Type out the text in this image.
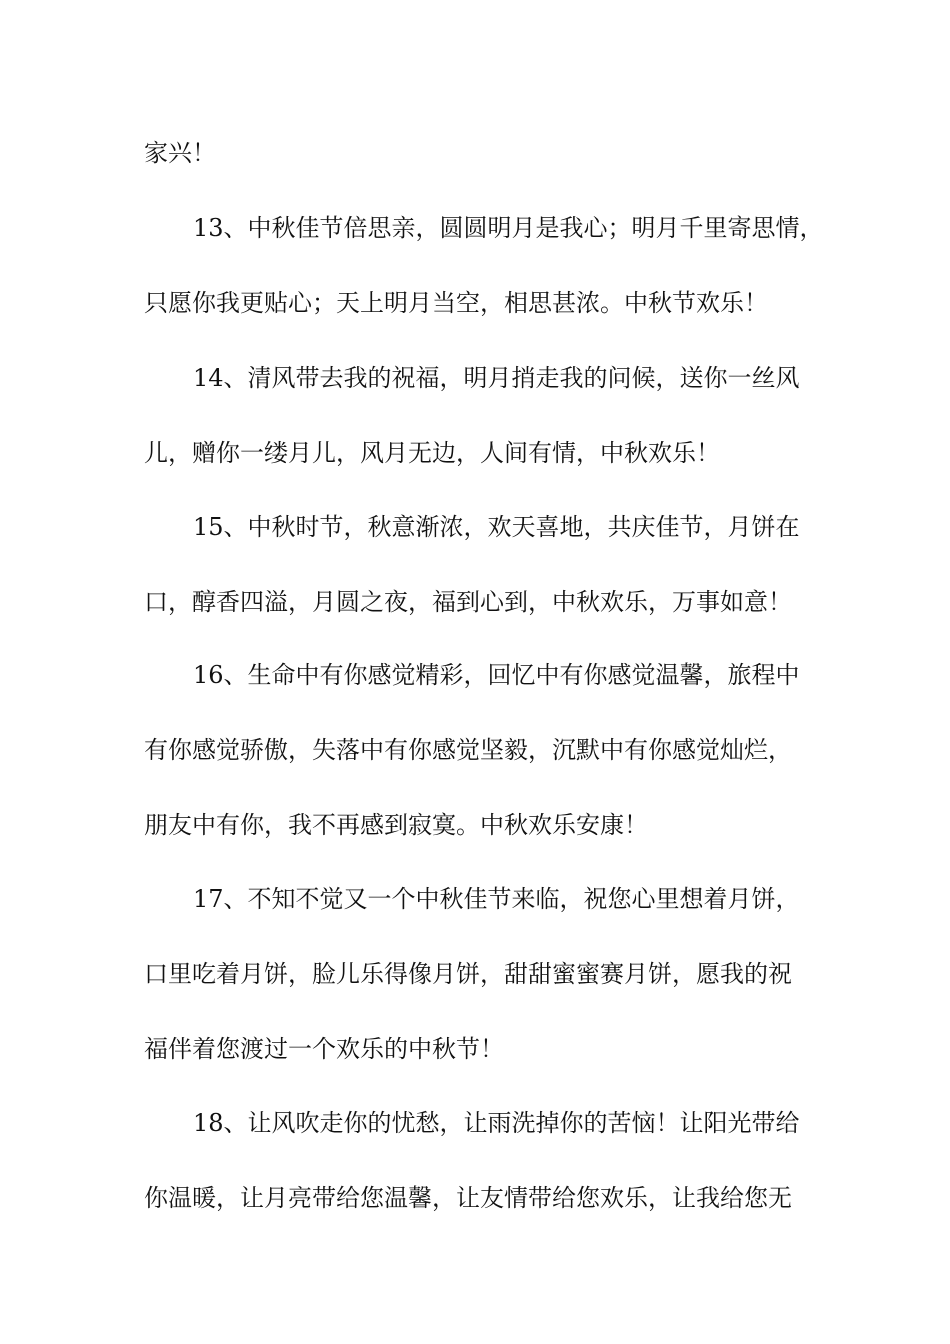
家兴！
13、中秋佳节倍思亲，圆圆明月是我心；明月千里寄思情，
只愿你我更贴心；天上明月当空，相思甚浓。中秋节欢乐！
14、清风带去我的祝福，明月捎走我的问候，送你一丝风
儿，赠你一缕月儿，风月无边，人间有情，中秋欢乐！
15、中秋时节，秋意渐浓，欢天喜地，共庆佳节，月饼在
口，醇香四溢，月圆之夜，福到心到，中秋欢乐，万事如意！
16、生命中有你感觉精彩，回忆中有你感觉温馨，旅程中
有你感觉骄傲，失落中有你感觉坚毅，沉默中有你感觉灿烂，
朋友中有你，我不再感到寂寞。中秋欢乐安康！
17、不知不觉又一个中秋佳节来临，祝您心里想着月饼，
口里吃着月饼，脸儿乐得像月饼，甜甜蜜蜜赛月饼，愿我的祝
福伴着您渡过一个欢乐的中秋节！
18、让风吹走你的忧愁，让雨洗掉你的苦恼！让阳光带给
你温暖，让月亮带给您温馨，让友情带给您欢乐，让我给您无
